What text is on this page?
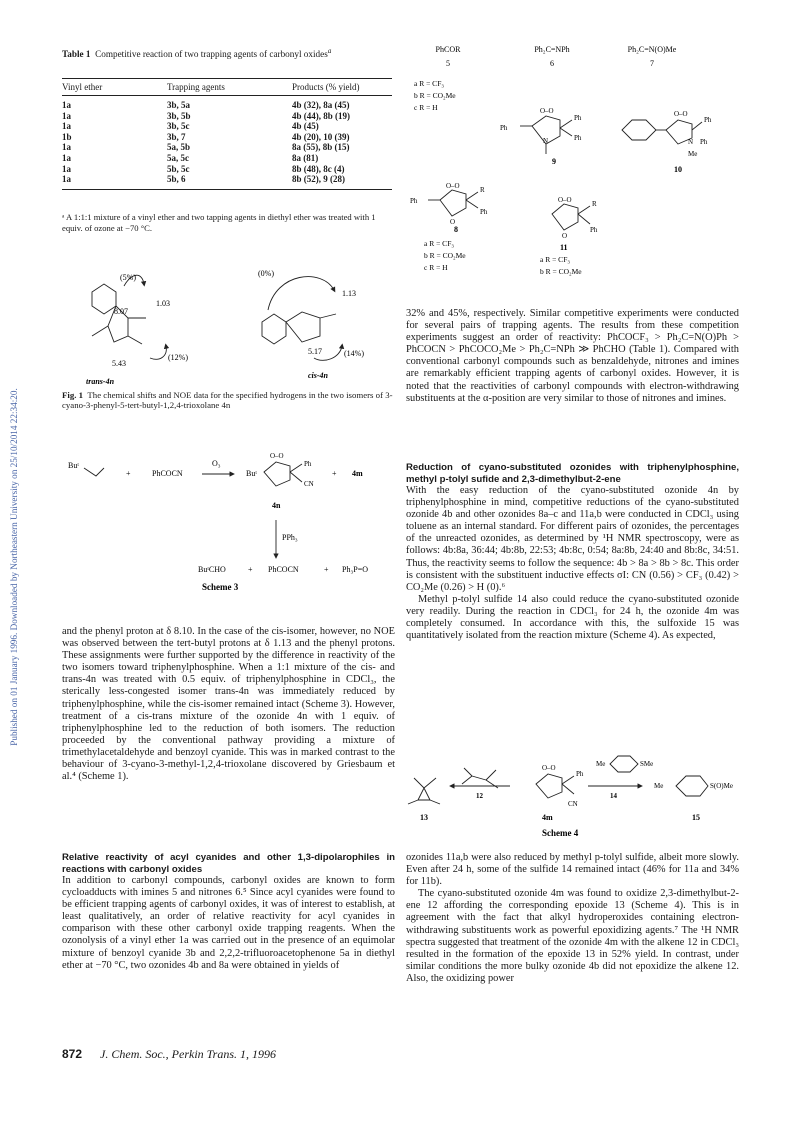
Published on 01 January 1996. Downloaded by Northeastern University on 25/10/2014 22:34:20.
Table 1 Competitive reaction of two trapping agents of carbonyl oxides$^a$
Vinyl ether	Trapping agents	Products (% yield)
1a	3b, 5a	4b (32), 8a (45)
1a	3b, 5b	4b (44), 8b (19)
1a	3b, 5c	4b (45)
1b	3b, 7	4b (20), 10 (39)
1a	5a, 5b	8a (55), 8b (15)
1a	5a, 5c	8a (81)
1a	5b, 5c	8b (48), 8c (4)
1a	5b, 6	8b (52), 9 (28)
ᵃ A 1:1:1 mixture of a vinyl ether and two tapping agents in diethyl ether was treated with 1 equiv. of ozone at −70 °C.
PhCOR
5
a R = CF₃
b R = CO₂Me
c R = H
Ph₂C=NPh
6
Ph₂C=N(O)Me
7
O–O
Ph
Ph
Ph
N
9
O–O
Ph
N Ph
Me
10
O–O
O
Ph
R
Ph
8
a R = CF₃
b R = CO₂Me
c R = H
O–O
O
R
Ph
11
a R = CF₃
b R = CO₂Me
(5%)
(12%)
(0%)
(14%)
8.07
1.03
5.43
1.13
5.17
trans-4n
cis-4n
Fig. 1 The chemical shifts and NOE data for the specified hydrogens in the two isomers of 3-cyano-3-phenyl-5-tert-butyl-1,2,4-trioxolane 4n
Buᵗ
+	PhCOCN
O₃
Buᵗ
O–O
Ph
CN
+ 4m
4n
PPh₃
BuᵗCHO	+ PhCOCN	+ Ph₃P=O
Scheme 3

and the phenyl proton at δ 8.10. In the case of the cis-isomer, however, no NOE was observed between the tert-butyl protons at δ 1.13 and the phenyl protons. These assignments were further supported by the difference in reactivity of the two isomers toward triphenylphosphine. When a 1:1 mixture of the cis- and trans-4n was treated with 0.5 equiv. of triphenylphosphine in CDCl₃, the sterically less-congested isomer trans-4n was immediately reduced by triphenylphosphine, while the cis-isomer remained intact (Scheme 3). However, treatment of a cis-trans mixture of the ozonide 4n with 1 equiv. of triphenylphosphine led to the reduction of both isomers. The reduction proceeded by the conventional pathway providing a mixture of trimethylacetaldehyde and benzoyl cyanide. This was in marked contrast to the behaviour of 3-cyano-3-methyl-1,2,4-trioxolane discovered by Griesbaum et al.⁴ (Scheme 1).

Relative reactivity of acyl cyanides and other 1,3-dipolarophiles in reactions with carbonyl oxides

In addition to carbonyl compounds, carbonyl oxides are known to form cycloadducts with imines 5 and nitrones 6.⁵ Since acyl cyanides were found to be efficient trapping agents of carbonyl oxides, it was of interest to establish, at least qualitatively, an order of relative reactivity for acyl cyanides in comparison with these other carbonyl oxide trapping reagents. When the ozonolysis of a vinyl ether 1a was carried out in the presence of an equimolar mixture of benzoyl cyanide 3b and 2,2,2-trifluoroacetophenone 5a in diethyl ether at −70 °C, two ozonides 4b and 8a were obtained in yields of

32% and 45%, respectively. Similar competitive experiments were conducted for several pairs of trapping agents. The results from these competition experiments suggest an order of reactivity: PhCOCF₃ > Ph₂C=N(O)Ph > PhCOCN > PhCOCO₂Me > Ph₂C=NPh ≫ PhCHO (Table 1). Compared with conventional carbonyl compounds such as benzaldehyde, nitrones and imines are remarkably efficient trapping agents of carbonyl oxides. However, it is noted that the reactivities of carbonyl compounds with electron-withdrawing substituents at the α-position are very similar to those of nitrones and imines.

Reduction of cyano-substituted ozonides with triphenylphosphine, methyl p-tolyl sufide and 2,3-dimethylbut-2-ene

With the easy reduction of the cyano-substituted ozonide 4n by triphenylphosphine in mind, competitive reductions of the cyano-substituted ozonide 4b and other ozonides 8a–c and 11a,b were conducted in CDCl₃ using toluene as an internal standard. For different pairs of ozonides, the percentages of the unreacted ozonides, as determined by ¹H NMR spectroscopy, were as follows: 4b:8a, 36:44; 4b:8b, 22:53; 4b:8c, 0:54; 8a:8b, 24:40 and 8b:8c, 34:51. Thus, the reactivity seems to follow the sequence: 4b > 8a > 8b > 8c. This order is consistent with the substituent inductive effects σI: CN (0.56) > CF₃ (0.42) > CO₂Me (0.26) > H (0).⁶

Methyl p-tolyl sulfide 14 also could reduce the cyano-substituted ozonide very readily. During the reaction in CDCl₃ for 24 h, the ozonide 4m was completely consumed. In accordance with this, the sulfoxide 15 was quantitatively isolated from the reaction mixture (Scheme 4). As expected,

O–O
Ph
CN
Me	SMe
Me	S(O)Me
12	14
13	4m	15
Scheme 4

ozonides 11a,b were also reduced by methyl p-tolyl sulfide, albeit more slowly. Even after 24 h, some of the sulfide 14 remained intact (46% for 11a and 34% for 11b).

The cyano-substituted ozonide 4m was found to oxidize 2,3-dimethylbut-2-ene 12 affording the corresponding epoxide 13 (Scheme 4). This is in agreement with the fact that alkyl hydroperoxides containing electron-withdrawing substituents work as powerful epoxidizing agents.⁷ The ¹H NMR spectra suggested that treatment of the ozonide 4m with the alkene 12 in CDCl₃ resulted in the formation of the epoxide 13 in 52% yield. In contrast, under similar conditions the more bulky ozonide 4b did not epoxidize the alkene 12. Also, the oxidizing power

872 J. Chem. Soc., Perkin Trans. 1, 1996
